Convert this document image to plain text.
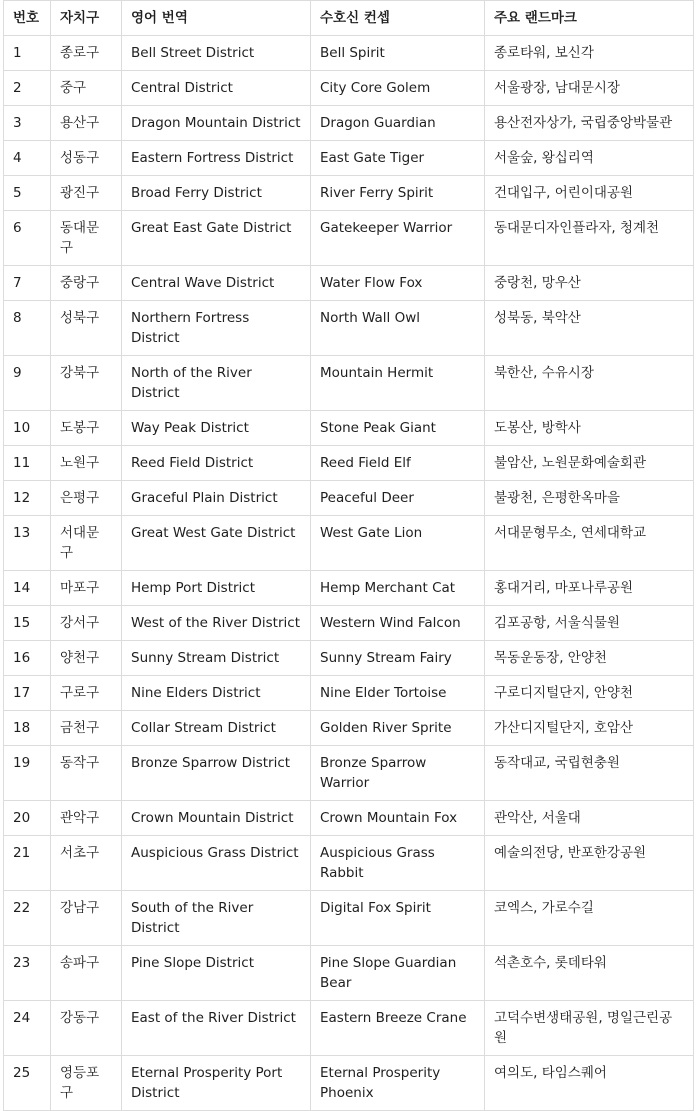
번호	자치구	영어 번역	수호신 컨셉	주요 랜드마크
1	종로구	Bell Street District	Bell Spirit	종로타워, 보신각
2	중구	Central District	City Core Golem	서울광장, 남대문시장
3	용산구	Dragon Mountain District	Dragon Guardian	용산전자상가, 국립중앙박물관
4	성동구	Eastern Fortress District	East Gate Tiger	서울숲, 왕십리역
5	광진구	Broad Ferry District	River Ferry Spirit	건대입구, 어린이대공원
6	동대문구	Great East Gate District	Gatekeeper Warrior	동대문디자인플라자, 청계천
7	중랑구	Central Wave District	Water Flow Fox	중랑천, 망우산
8	성북구	Northern Fortress District	North Wall Owl	성북동, 북악산
9	강북구	North of the River District	Mountain Hermit	북한산, 수유시장
10	도봉구	Way Peak District	Stone Peak Giant	도봉산, 방학사
11	노원구	Reed Field District	Reed Field Elf	불암산, 노원문화예술회관
12	은평구	Graceful Plain District	Peaceful Deer	불광천, 은평한옥마을
13	서대문구	Great West Gate District	West Gate Lion	서대문형무소, 연세대학교
14	마포구	Hemp Port District	Hemp Merchant Cat	홍대거리, 마포나루공원
15	강서구	West of the River District	Western Wind Falcon	김포공항, 서울식물원
16	양천구	Sunny Stream District	Sunny Stream Fairy	목동운동장, 안양천
17	구로구	Nine Elders District	Nine Elder Tortoise	구로디지털단지, 안양천
18	금천구	Collar Stream District	Golden River Sprite	가산디지털단지, 호암산
19	동작구	Bronze Sparrow District	Bronze Sparrow Warrior	동작대교, 국립현충원
20	관악구	Crown Mountain District	Crown Mountain Fox	관악산, 서울대
21	서초구	Auspicious Grass District	Auspicious Grass Rabbit	예술의전당, 반포한강공원
22	강남구	South of the River District	Digital Fox Spirit	코엑스, 가로수길
23	송파구	Pine Slope District	Pine Slope Guardian Bear	석촌호수, 롯데타워
24	강동구	East of the River District	Eastern Breeze Crane	고덕수변생태공원, 명일근린공원
25	영등포구	Eternal Prosperity Port District	Eternal Prosperity Phoenix	여의도, 타임스퀘어
